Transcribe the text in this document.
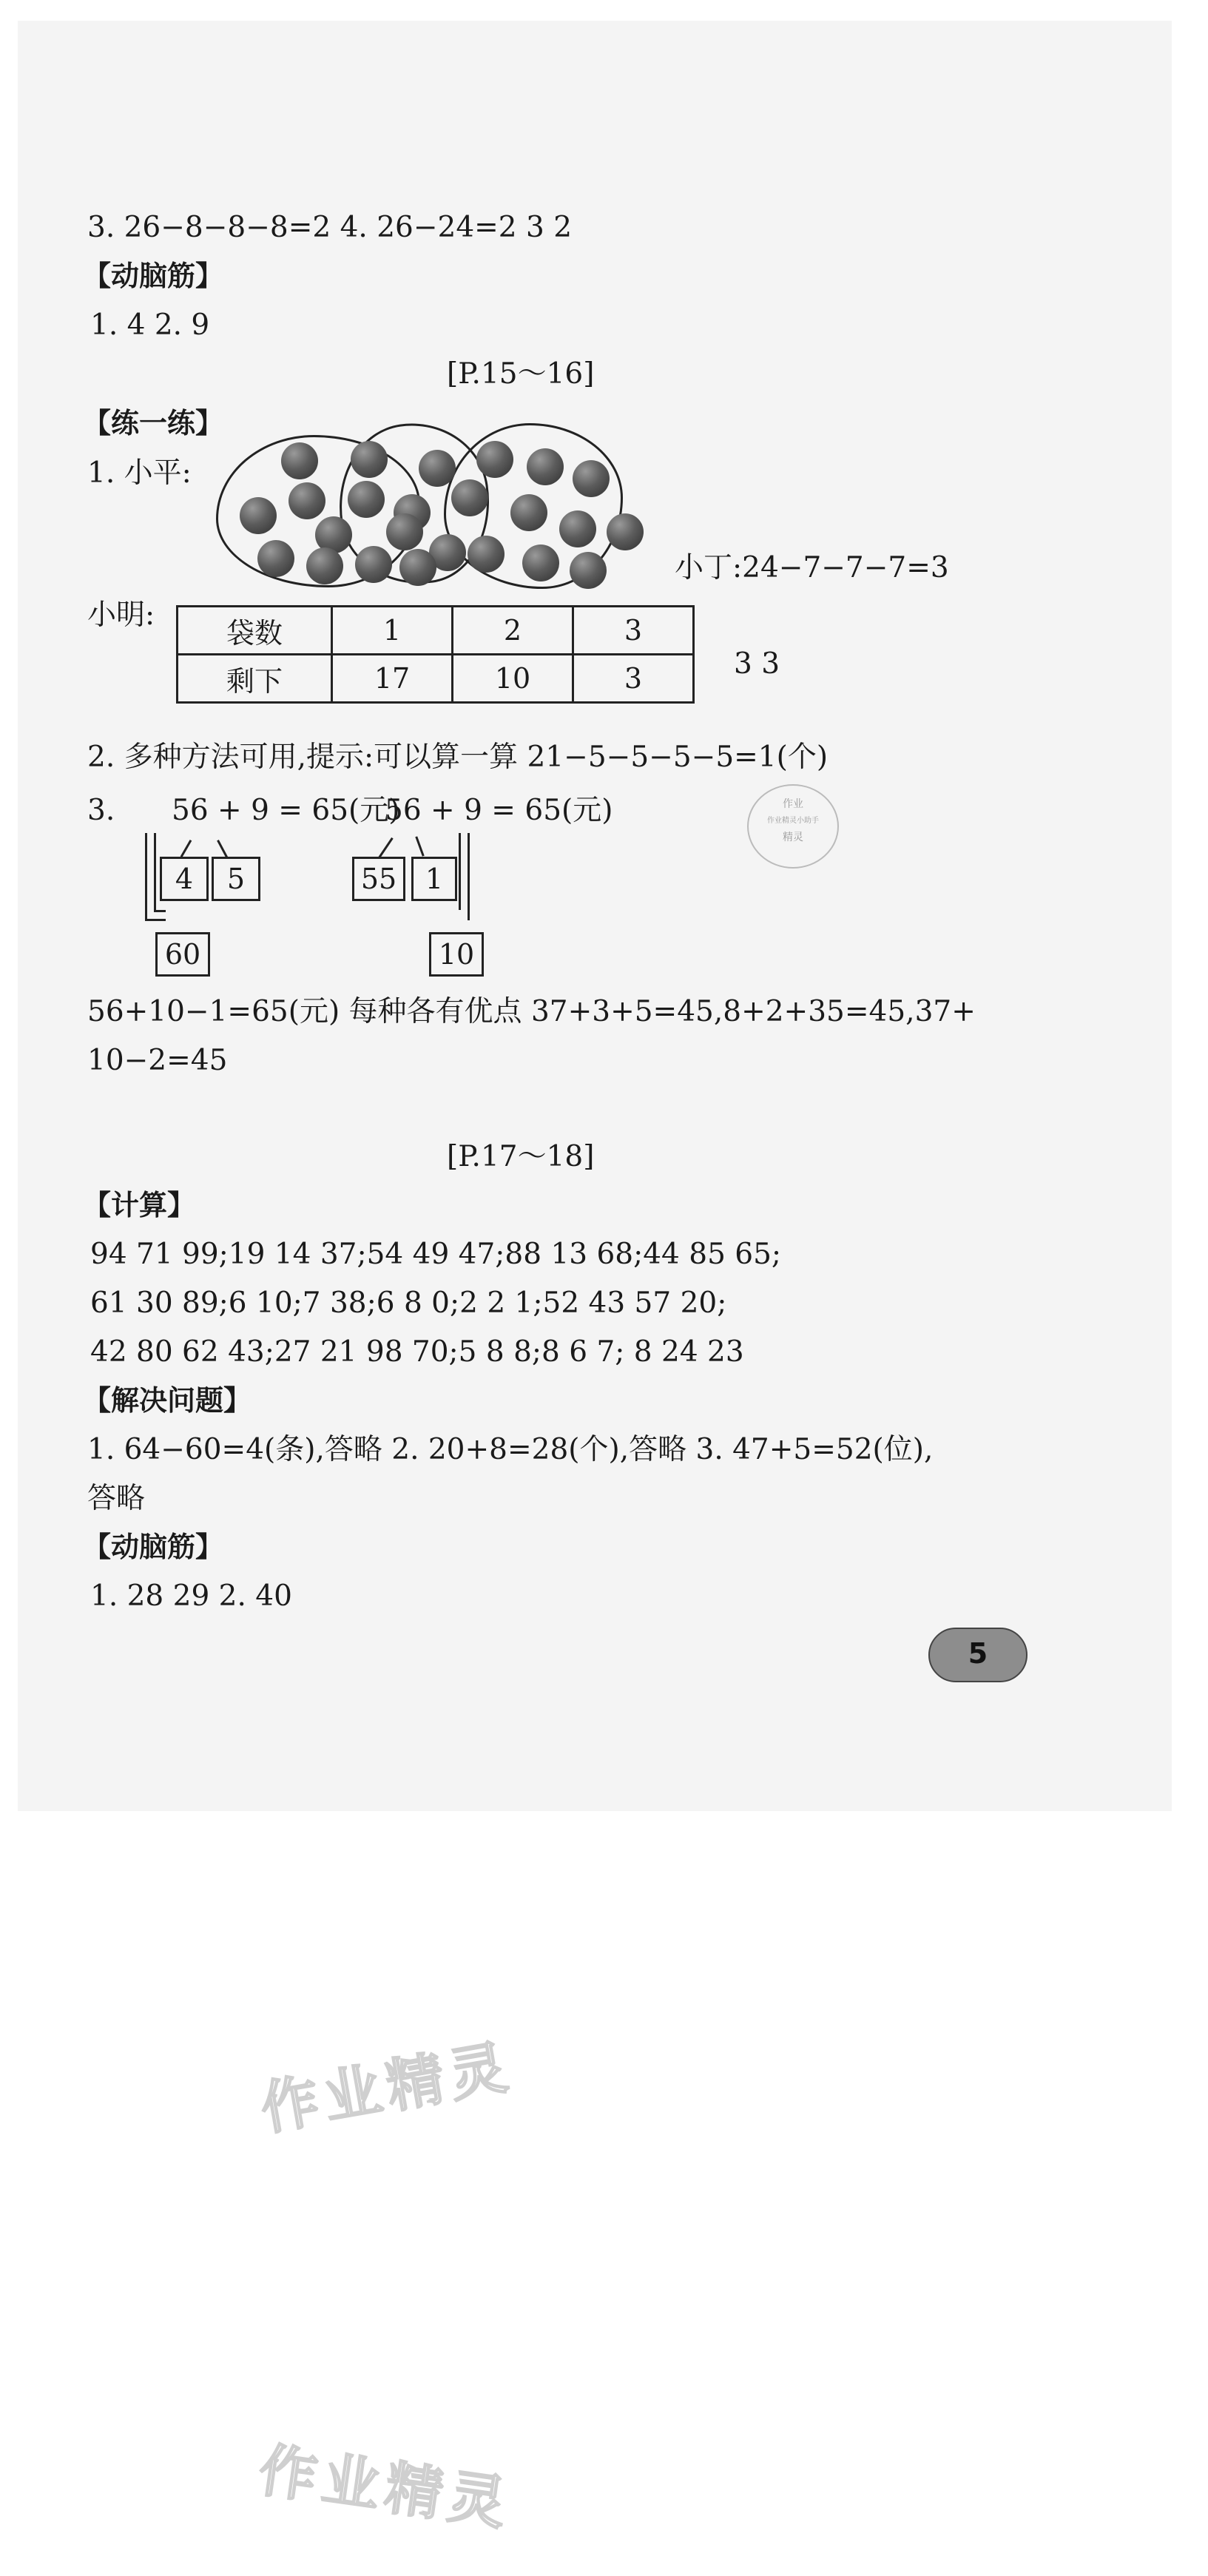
3. 26−8−8−8=2 4. 26−24=2 3 2
【动脑筋】
1. 4 2. 9
[P.15～16]
【练一练】
1. 小平:
小丁:24−7−7−7=3
小明:
袋数	1	2	3
剩下	17	10	3	3 3
2. 多种方法可用,提示:可以算一算 21−5−5−5−5=1(个)
3. 56 + 9 = 65(元)
56 + 9 = 65(元)
4	5
60
55	1
10
作业
作业精灵小助手
精灵
56+10−1=65(元) 每种各有优点 37+3+5=45,8+2+35=45,37+
10−2=45
[P.17～18]
【计算】
94 71 99;19 14 37;54 49 47;88 13 68;44 85 65;
61 30 89;6 10;7 38;6 8 0;2 2 1;52 43 57 20;
42 80 62 43;27 21 98 70;5 8 8;8 6 7; 8 24 23
【解决问题】
1. 64−60=4(条),答略 2. 20+8=28(个),答略 3. 47+5=52(位),
答略
【动脑筋】
1. 28 29 2. 40
5
作业精灵
作业精灵
